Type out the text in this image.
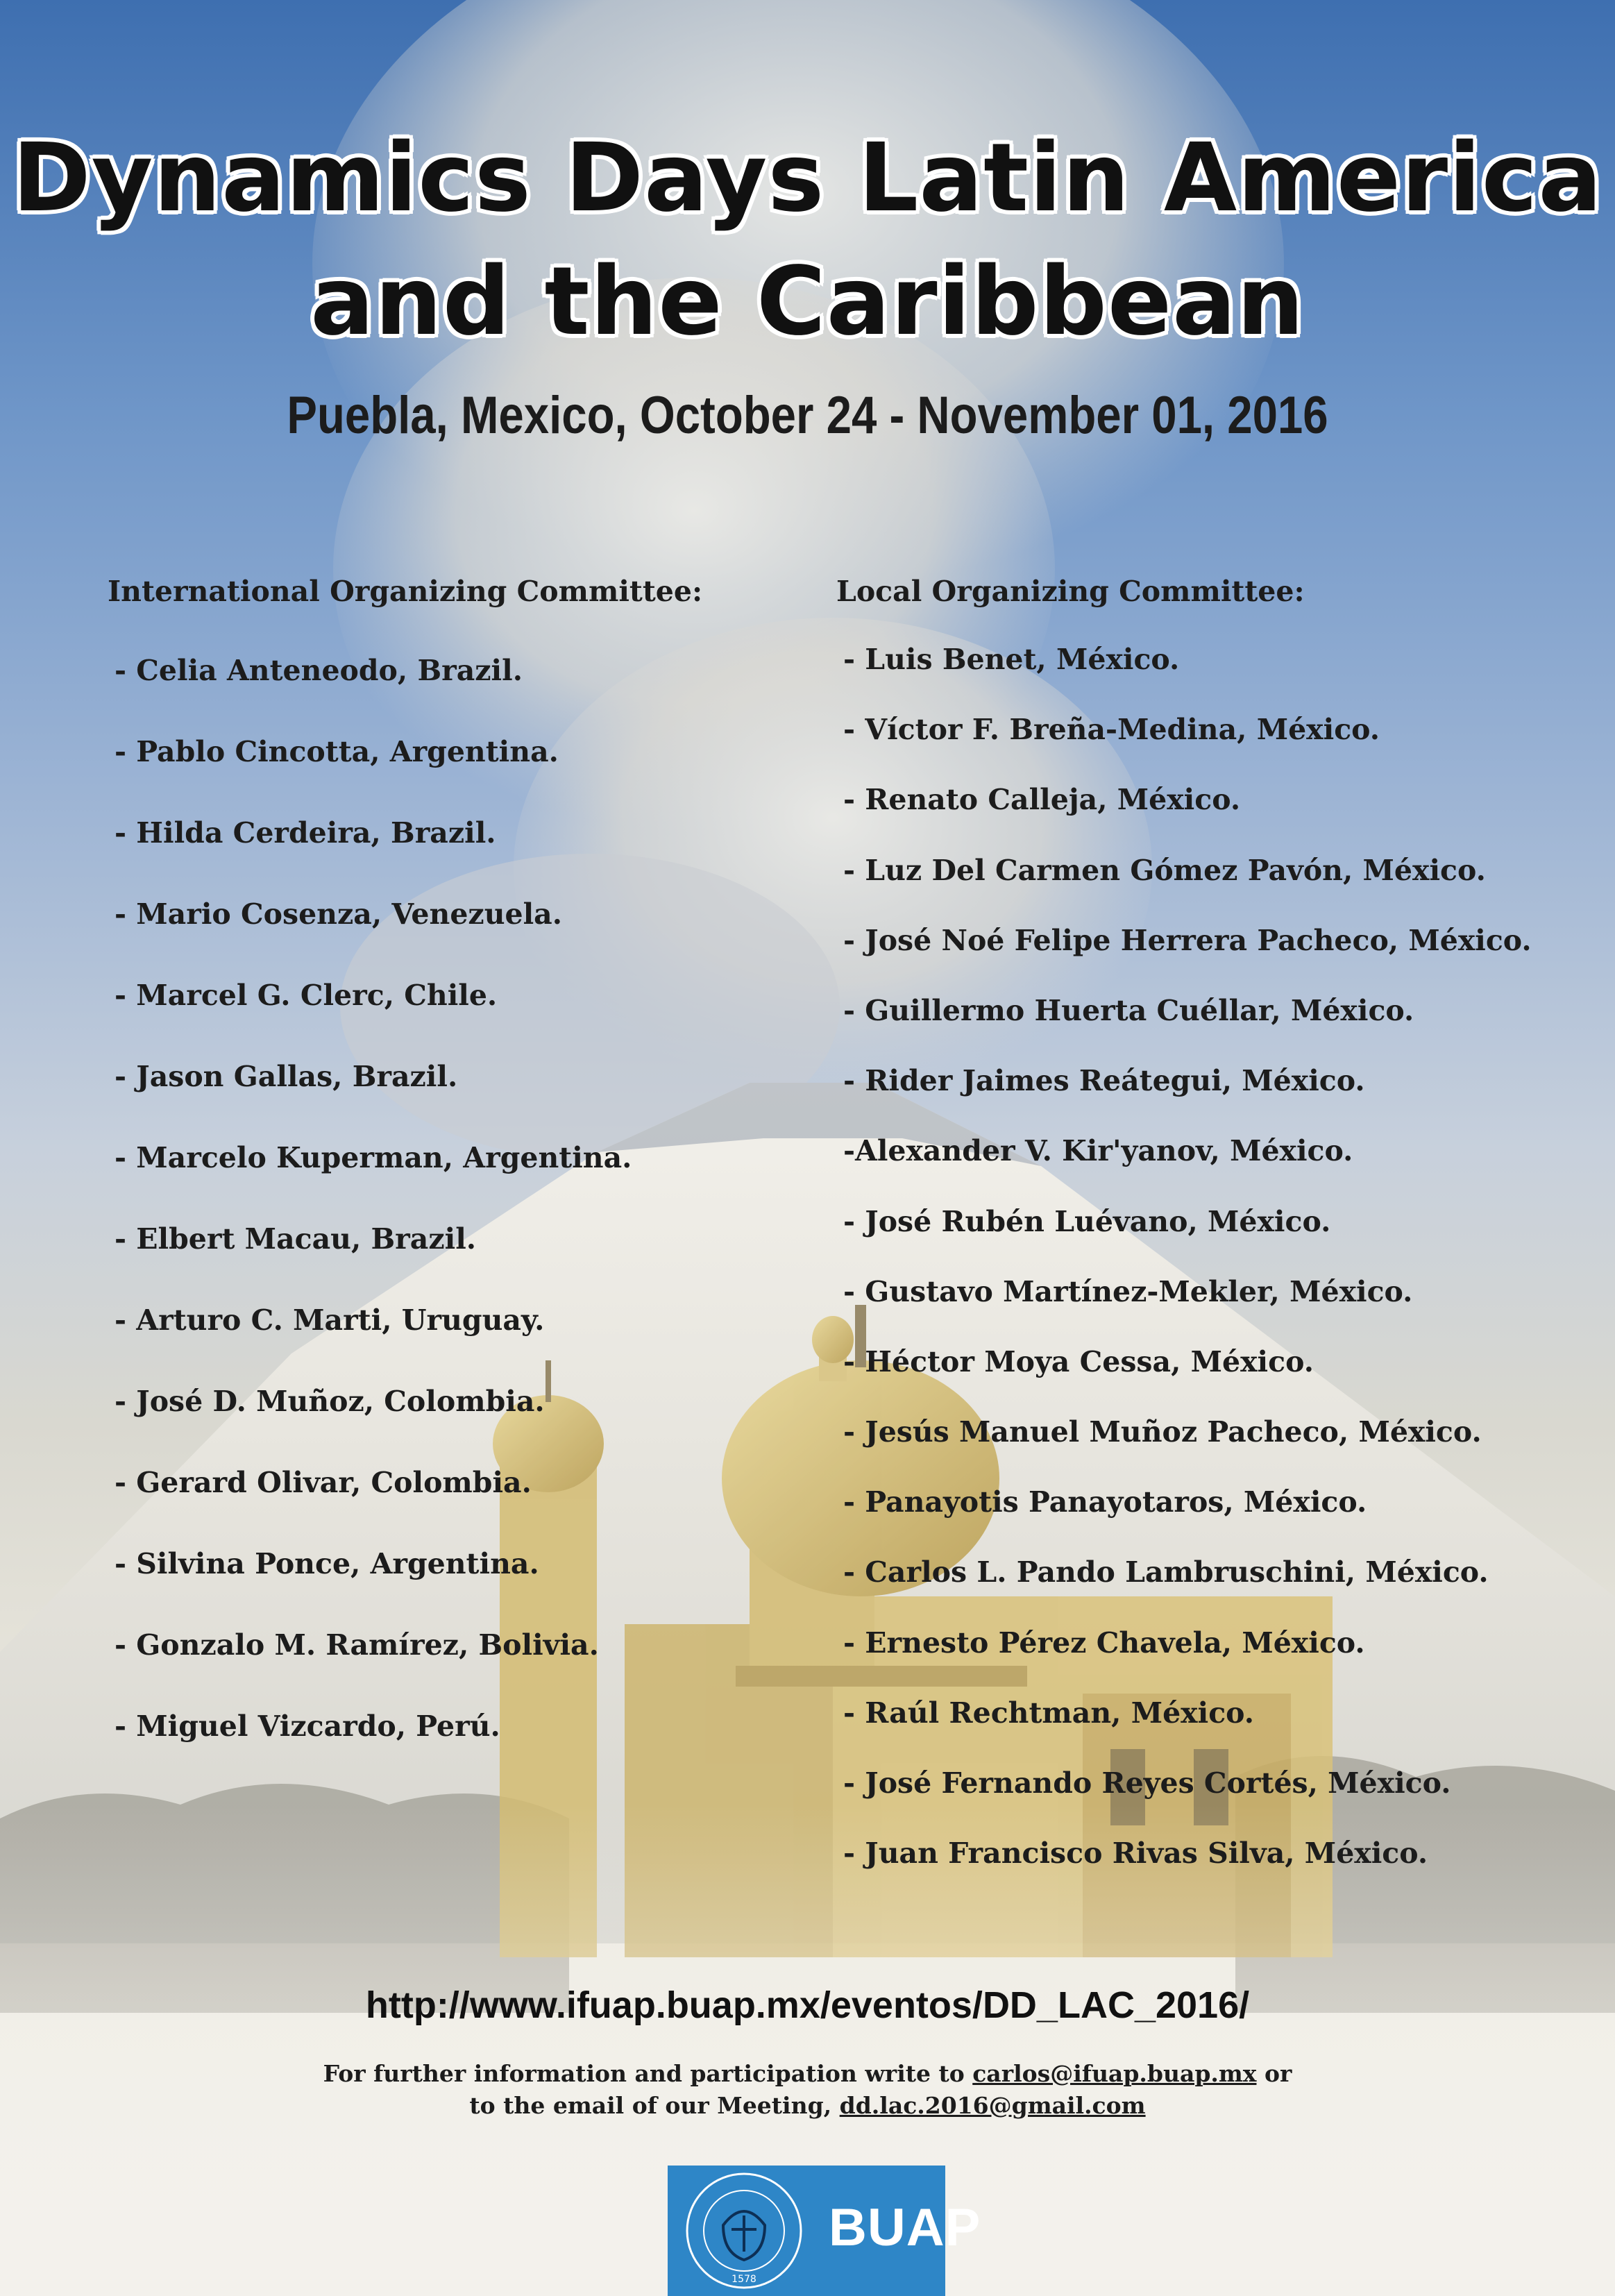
Dynamics Days Latin America
and the Caribbean
Puebla, Mexico, October 24 - November 01, 2016

International Organizing Committee:

- Celia Anteneodo, Brazil.
- Pablo Cincotta, Argentina.
- Hilda Cerdeira, Brazil.
- Mario Cosenza, Venezuela.
- Marcel G. Clerc, Chile.
- Jason Gallas, Brazil.
- Marcelo Kuperman, Argentina.
- Elbert Macau, Brazil.
- Arturo C. Marti, Uruguay.
- José D. Muñoz, Colombia.
- Gerard Olivar, Colombia.
- Silvina Ponce, Argentina.
- Gonzalo M. Ramírez, Bolivia.
- Miguel Vizcardo, Perú.

Local Organizing Committee:

- Luis Benet, México.
- Víctor F. Breña-Medina, México.
- Renato Calleja, México.
- Luz Del Carmen Gómez Pavón, México.
- José Noé Felipe Herrera Pacheco, México.
- Guillermo Huerta Cuéllar, México.
- Rider Jaimes Reátegui, México.
-Alexander V. Kir'yanov, México.
- José Rubén Luévano, México.
- Gustavo Martínez-Mekler, México.
- Héctor Moya Cessa, México.
- Jesús Manuel Muñoz Pacheco, México.
- Panayotis Panayotaros, México.
- Carlos L. Pando Lambruschini, México.
- Ernesto Pérez Chavela, México.
- Raúl Rechtman, México.
- José Fernando Reyes Cortés, México.
- Juan Francisco Rivas Silva, México.
http://www.ifuap.buap.mx/eventos/DD_LAC_2016/
For further information and participation write to carlos@ifuap.buap.mx or
to the email of our Meeting, dd.lac.2016@gmail.com
1578
BUAP
